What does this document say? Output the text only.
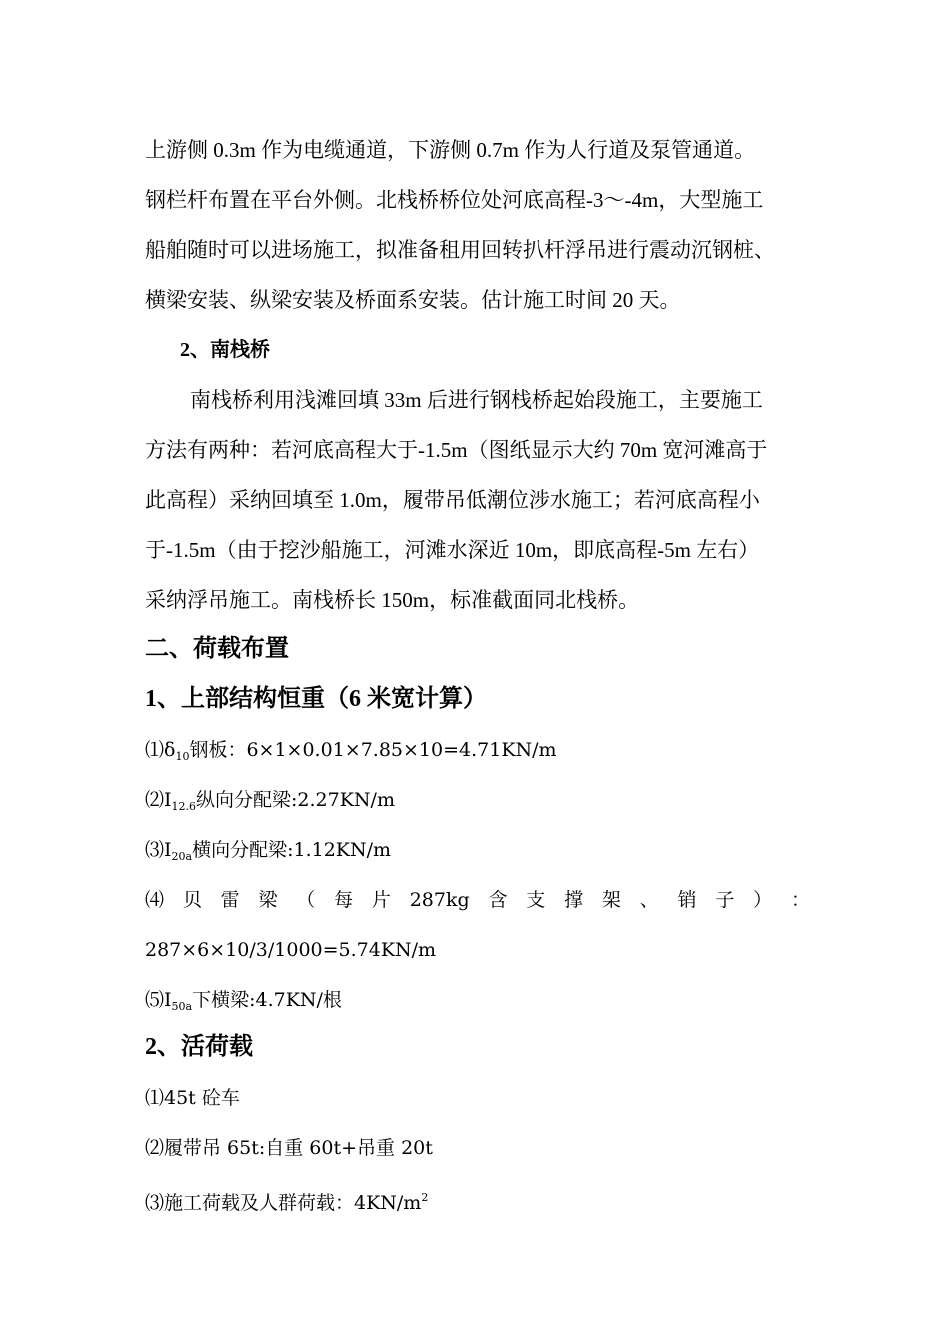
上游侧 0.3m 作为电缆通道，下游侧 0.7m 作为人行道及泵管通道。
钢栏杆布置在平台外侧。北栈桥桥位处河底高程-3～-4m，大型施工
船舶随时可以进场施工，拟准备租用回转扒杆浮吊进行震动沉钢桩、
横梁安装、纵梁安装及桥面系安装。估计施工时间 20 天。
2、南栈桥
南栈桥利用浅滩回填 33m 后进行钢栈桥起始段施工，主要施工
方法有两种：若河底高程大于-1.5m（图纸显示大约 70m 宽河滩高于
此高程）采纳回填至 1.0m，履带吊低潮位涉水施工；若河底高程小
于-1.5m（由于挖沙船施工，河滩水深近 10m，即底高程-5m 左右）
采纳浮吊施工。南栈桥长 150m，标准截面同北栈桥。
二、荷载布置
1、上部结构恒重（6 米宽计算）
$⑴\delta_{10}$钢板：6×1×0.01×7.85×10=4.71KN/m
$⑵I_{12.6}$纵向分配梁:2.27KN/m
$⑶I_{20a}$横向分配梁:1.12KN/m
⑷ 贝 雷 梁 （ 每 片 287kg 含 支 撑 架 、 销 子 ） ：
287×6×10/3/1000=5.74KN/m
$⑸I_{50a}$下横梁:4.7KN/根
2、活荷载
⑴45t 砼车
⑵履带吊 65t:自重 60t+吊重 20t
⑶施工荷载及人群荷载：$4KN/m^2$
